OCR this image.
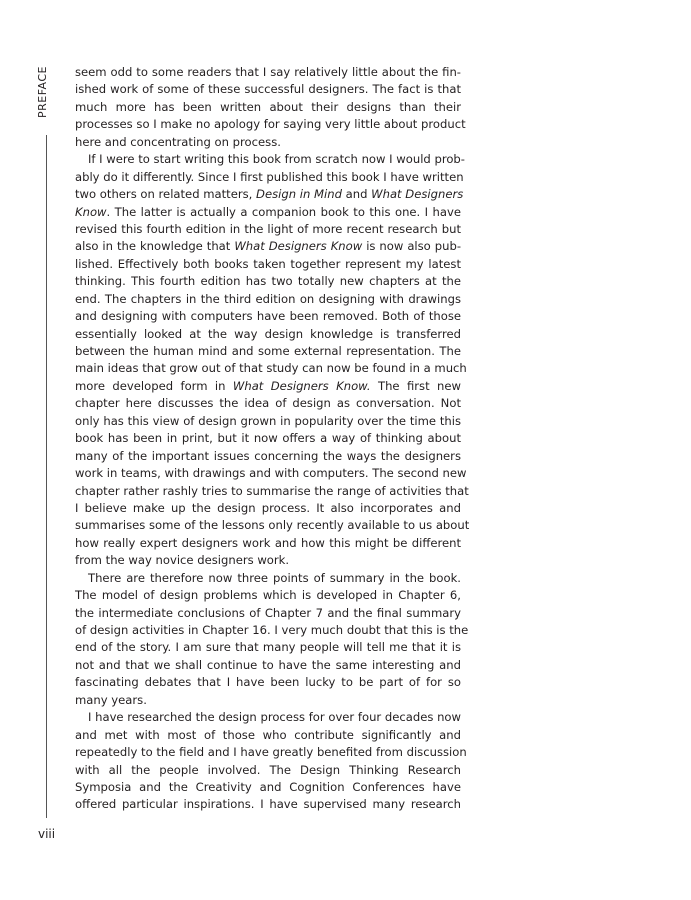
PREFACE seem odd to some readers that I say relatively little about the fin-
ished work of some of these successful designers. The fact is that
much more has been written about their designs than their
processes so I make no apology for saying very little about product
here and concentrating on process.
If I were to start writing this book from scratch now I would prob-
ably do it differently. Since I first published this book I have written
two others on related matters, Design in Mind and What Designers
Know. The latter is actually a companion book to this one. I have
revised this fourth edition in the light of more recent research but
also in the knowledge that What Designers Know is now also pub-
lished. Effectively both books taken together represent my latest
thinking. This fourth edition has two totally new chapters at the
end. The chapters in the third edition on designing with drawings
and designing with computers have been removed. Both of those
essentially looked at the way design knowledge is transferred
between the human mind and some external representation. The
main ideas that grow out of that study can now be found in a much
more developed form in What Designers Know. The first new
chapter here discusses the idea of design as conversation. Not
only has this view of design grown in popularity over the time this
book has been in print, but it now offers a way of thinking about
many of the important issues concerning the ways the designers
work in teams, with drawings and with computers. The second new
chapter rather rashly tries to summarise the range of activities that
I believe make up the design process. It also incorporates and
summarises some of the lessons only recently available to us about
how really expert designers work and how this might be different
from the way novice designers work.
There are therefore now three points of summary in the book.
The model of design problems which is developed in Chapter 6,
the intermediate conclusions of Chapter 7 and the final summary
of design activities in Chapter 16. I very much doubt that this is the
end of the story. I am sure that many people will tell me that it is
not and that we shall continue to have the same interesting and
fascinating debates that I have been lucky to be part of for so
many years.
I have researched the design process for over four decades now
and met with most of those who contribute significantly and
repeatedly to the field and I have greatly benefited from discussion
with all the people involved. The Design Thinking Research
Symposia and the Creativity and Cognition Conferences have
offered particular inspirations. I have supervised many research
viii
